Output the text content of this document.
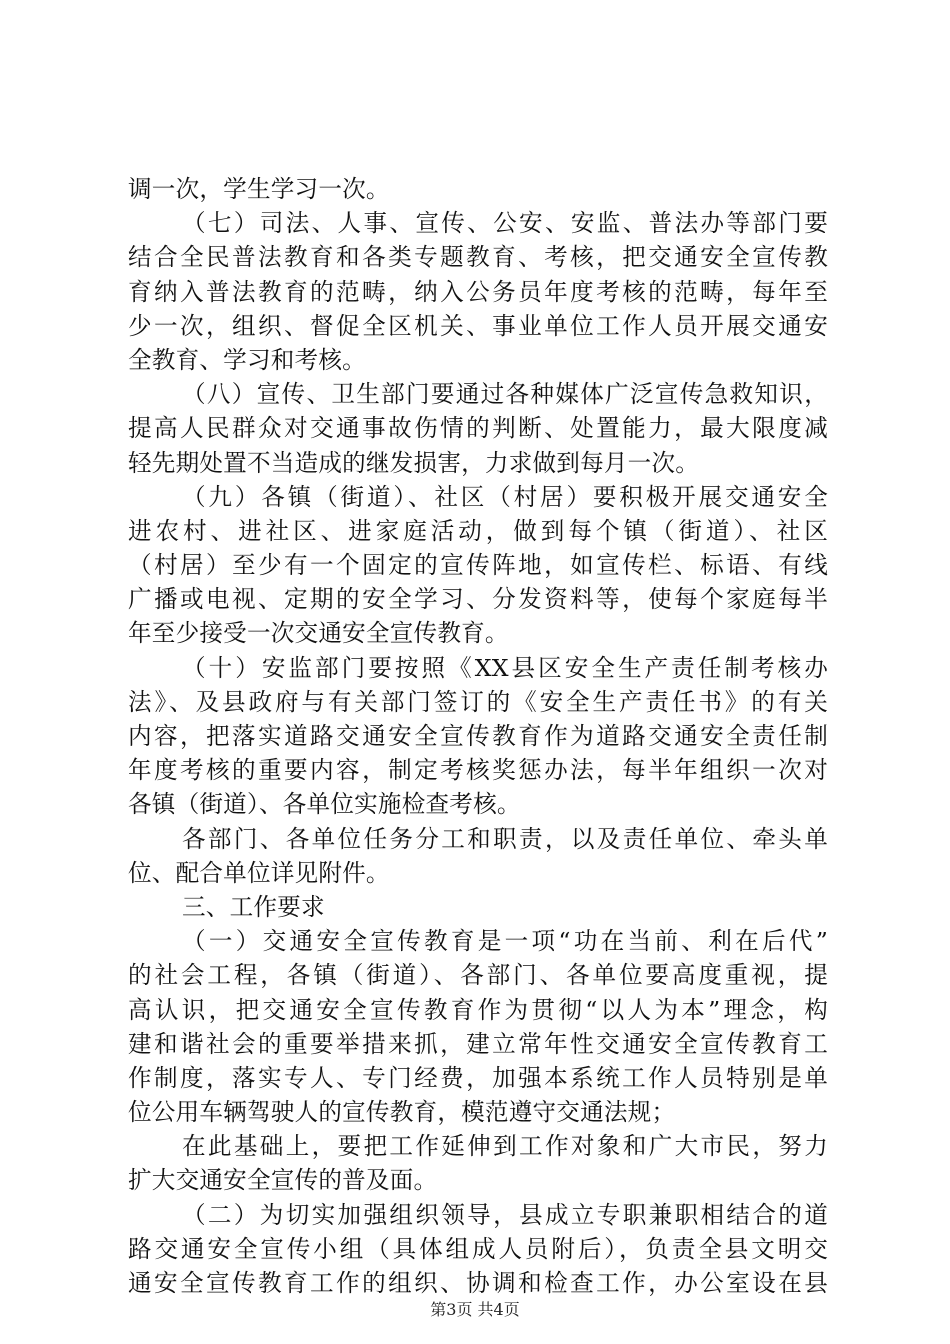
调一次，学生学习一次。
（七）司法、人事、宣传、公安、安监、普法办等部门要
结合全民普法教育和各类专题教育、考核，把交通安全宣传教
育纳入普法教育的范畴，纳入公务员年度考核的范畴，每年至
少一次，组织、督促全区机关、事业单位工作人员开展交通安
全教育、学习和考核。
（八）宣传、卫生部门要通过各种媒体广泛宣传急救知识，
提高人民群众对交通事故伤情的判断、处置能力，最大限度减
轻先期处置不当造成的继发损害，力求做到每月一次。
（九）各镇（街道）、社区（村居）要积极开展交通安全
进农村、进社区、进家庭活动，做到每个镇（街道）、社区
（村居）至少有一个固定的宣传阵地，如宣传栏、标语、有线
广播或电视、定期的安全学习、分发资料等，使每个家庭每半
年至少接受一次交通安全宣传教育。
（十）安监部门要按照《XX县区安全生产责任制考核办
法》、及县政府与有关部门签订的《安全生产责任书》的有关
内容，把落实道路交通安全宣传教育作为道路交通安全责任制
年度考核的重要内容，制定考核奖惩办法，每半年组织一次对
各镇（街道）、各单位实施检查考核。
各部门、各单位任务分工和职责，以及责任单位、牵头单
位、配合单位详见附件。
三、工作要求
（一）交通安全宣传教育是一项“功在当前、利在后代”
的社会工程，各镇（街道）、各部门、各单位要高度重视，提
高认识，把交通安全宣传教育作为贯彻“以人为本”理念，构
建和谐社会的重要举措来抓，建立常年性交通安全宣传教育工
作制度，落实专人、专门经费，加强本系统工作人员特别是单
位公用车辆驾驶人的宣传教育，模范遵守交通法规；
在此基础上，要把工作延伸到工作对象和广大市民，努力
扩大交通安全宣传的普及面。
（二）为切实加强组织领导，县成立专职兼职相结合的道
路交通安全宣传小组（具体组成人员附后），负责全县文明交
通安全宣传教育工作的组织、协调和检查工作，办公室设在县
第3页 共4页
